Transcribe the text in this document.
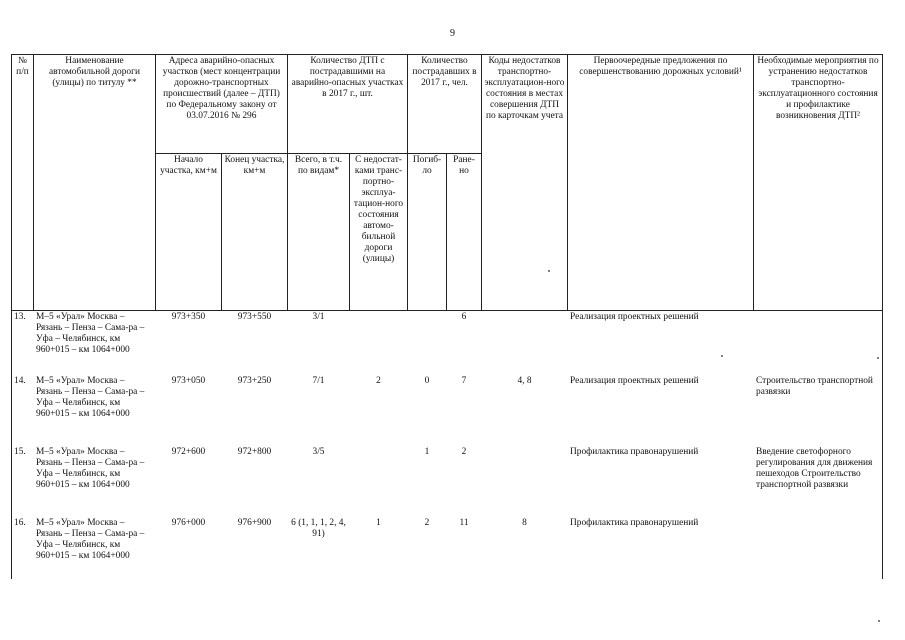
9
№ п/п	Наименование автомобильной дороги (улицы) по титулу **	Адреса аварийно-опасных участков (мест концентрации дорожно-транспортных происшествий (далее – ДТП) по Федеральному закону от 03.07.2016 № 296		Количество ДТП с пострадавшими на аварийно-опасных участках в 2017 г., шт.		Количество пострадавших в 2017 г., чел.		Коды недостатков транспортно-эксплуатацион-ного состояния в местах совершения ДТП по карточкам учета	Первоочередные предложения по совершенствованию дорожных условий¹	Необходимые мероприятия по устранению недостатков транспортно-эксплуатационного состояния и профилактике возникновения ДТП²
		Начало участка, км+м	Конец участка, км+м	Всего, в т.ч. по видам*	С недостат-ками транс-портно-эксплуа-тацион-ного состояния автомо-бильной дороги (улицы)	Погиб-ло	Ране-но			
13.	М–5 «Урал» Москва – Рязань – Пенза – Сама-ра – Уфа – Челябинск, км 960+015 – км 1064+000	973+350	973+550	3/1			6		Реализация проектных решений	
14.	М–5 «Урал» Москва – Рязань – Пенза – Сама-ра – Уфа – Челябинск, км 960+015 – км 1064+000	973+050	973+250	7/1	2	0	7	4, 8	Реализация проектных решений	Строительство транспортной развязки
15.	М–5 «Урал» Москва – Рязань – Пенза – Сама-ра – Уфа – Челябинск, км 960+015 – км 1064+000	972+600	972+800	3/5		1	2		Профилактика правонарушений	Введение светофорного регулирования для движения пешеходов Строительство транспортной развязки
16.	М–5 «Урал» Москва – Рязань – Пенза – Сама-ра – Уфа – Челябинск, км 960+015 – км 1064+000	976+000	976+900	6 (1, 1, 1, 2, 4, 91)	1	2	11	8	Профилактика правонарушений	
